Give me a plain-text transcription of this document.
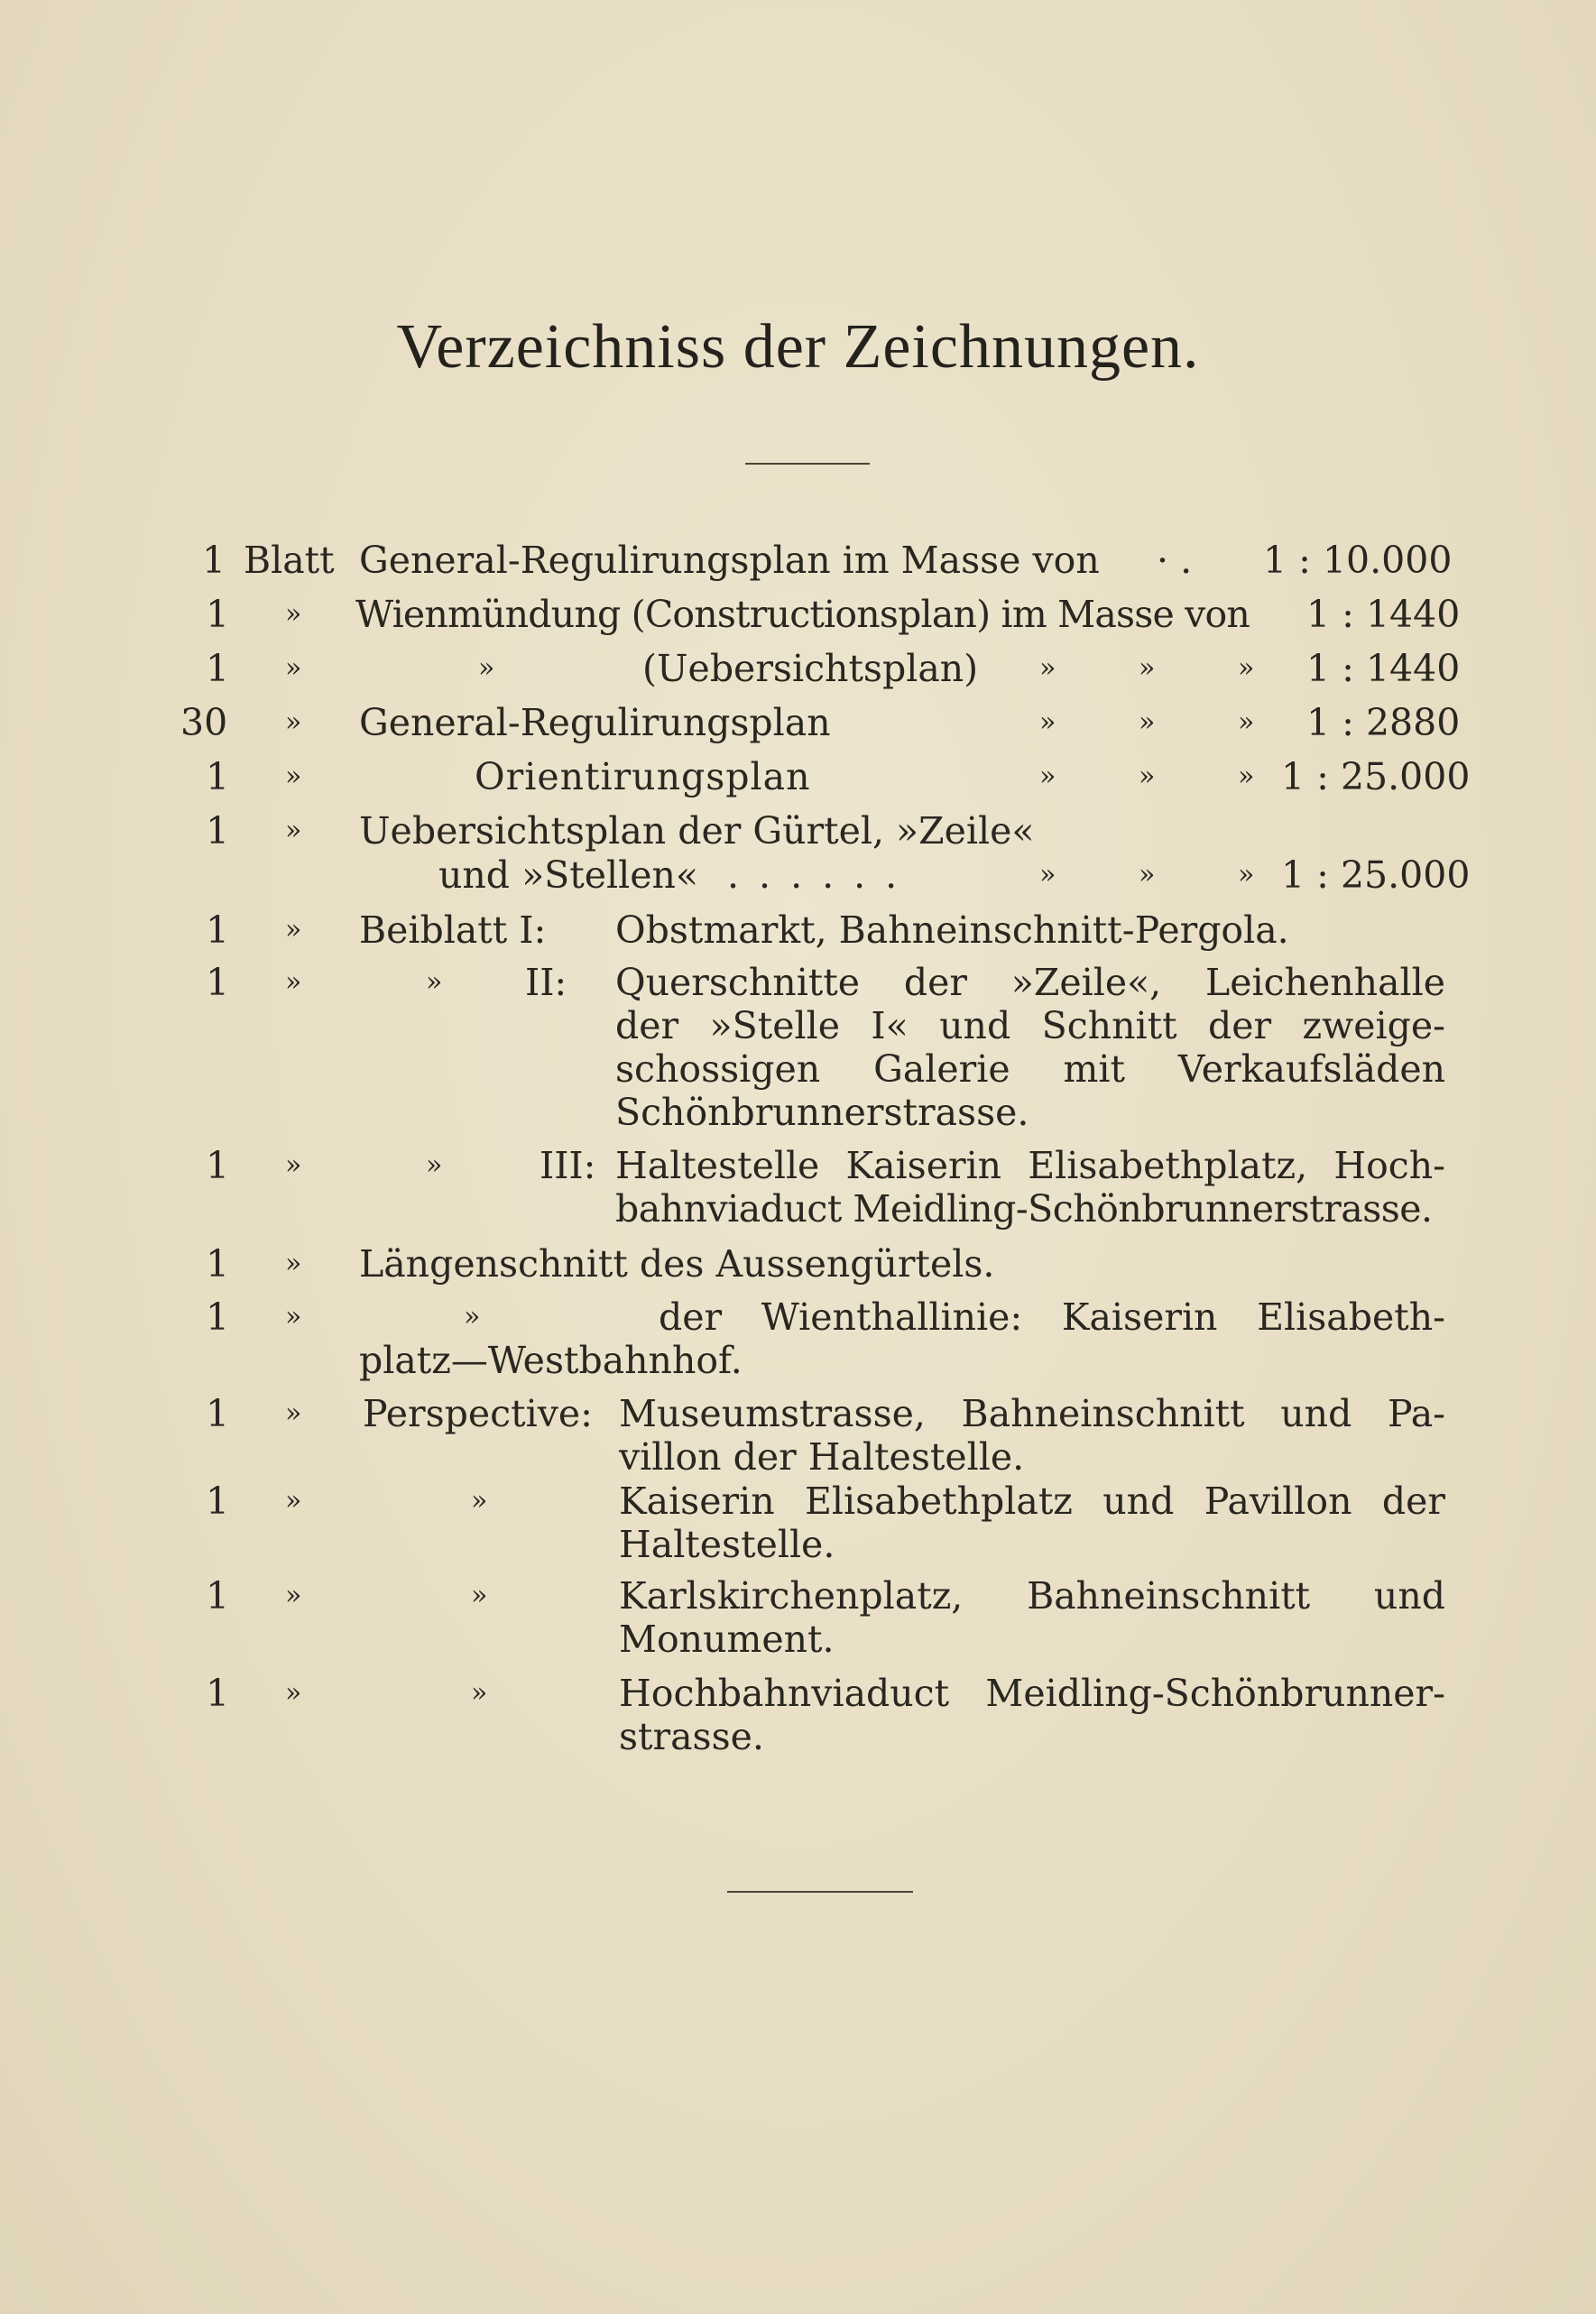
Verzeichniss der Zeichnungen.
1 Blatt General-Regulirungsplan im Masse von · . 1 : 10.000
1 » Wienmündung (Constructionsplan) im Masse von 1 : 1440
1 »	»	(Uebersichtsplan) »	»	» 1 : 1440
30 » General-Regulirungsplan	»	»	» 1 : 2880
1 »	Orientirungsplan	»	»	» 1 : 25.000
1 » Uebersichtsplan der Gürtel, »Zeile«
und »Stellen« ......	»	»	» 1 : 25.000
1 » Beiblatt I: Obstmarkt, Bahneinschnitt-Pergola.
1 »	» II: Querschnitte der »Zeile«, Leichenhalle
der »Stelle I« und Schnitt der zweige-
schossigen Galerie mit Verkaufsläden
Schönbrunnerstrasse.
1 »	»	III: Haltestelle Kaiserin Elisabethplatz, Hoch-
bahnviaduct Meidling-Schönbrunnerstrasse.
1 » Längenschnitt des Aussengürtels.
1 »	»	der Wienthallinie: Kaiserin Elisabeth-
platz—Westbahnhof.
1 » Perspective: Museumstrasse, Bahneinschnitt und Pa-
villon der Haltestelle.
1 »	»	Kaiserin Elisabethplatz und Pavillon der
Haltestelle.
1 »	»	Karlskirchenplatz, Bahneinschnitt und
Monument.
1 »	»	Hochbahnviaduct Meidling-Schönbrunner-
strasse.
